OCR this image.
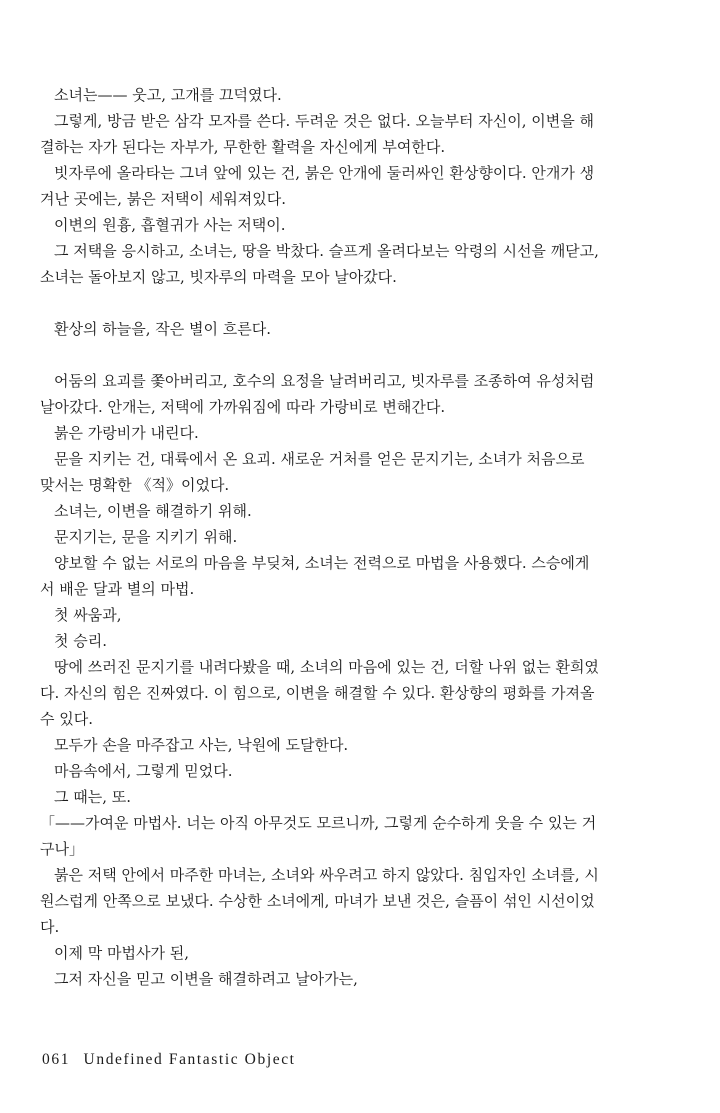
소녀는—— 웃고, 고개를 끄덕였다.
그렇게, 방금 받은 삼각 모자를 쓴다. 두려운 것은 없다. 오늘부터 자신이, 이변을 해
결하는 자가 된다는 자부가, 무한한 활력을 자신에게 부여한다.
빗자루에 올라타는 그녀 앞에 있는 건, 붉은 안개에 둘러싸인 환상향이다. 안개가 생
겨난 곳에는, 붉은 저택이 세워져있다.
이변의 원흉, 흡혈귀가 사는 저택이.
그 저택을 응시하고, 소녀는, 땅을 박찼다. 슬프게 올려다보는 악령의 시선을 깨닫고,
소녀는 돌아보지 않고, 빗자루의 마력을 모아 날아갔다.
환상의 하늘을, 작은 별이 흐른다.
어둠의 요괴를 쫓아버리고, 호수의 요정을 날려버리고, 빗자루를 조종하여 유성처럼
날아갔다. 안개는, 저택에 가까워짐에 따라 가랑비로 변해간다.
붉은 가랑비가 내린다.
문을 지키는 건, 대륙에서 온 요괴. 새로운 거처를 얻은 문지기는, 소녀가 처음으로
맞서는 명확한 《적》이었다.
소녀는, 이변을 해결하기 위해.
문지기는, 문을 지키기 위해.
양보할 수 없는 서로의 마음을 부딪쳐, 소녀는 전력으로 마법을 사용했다. 스승에게
서 배운 달과 별의 마법.
첫 싸움과,
첫 승리.
땅에 쓰러진 문지기를 내려다봤을 때, 소녀의 마음에 있는 건, 더할 나위 없는 환희였
다. 자신의 힘은 진짜였다. 이 힘으로, 이변을 해결할 수 있다. 환상향의 평화를 가져올
수 있다.
모두가 손을 마주잡고 사는, 낙원에 도달한다.
마음속에서, 그렇게 믿었다.
그 때는, 또.
「——가여운 마법사. 너는 아직 아무것도 모르니까, 그렇게 순수하게 웃을 수 있는 거
구나」
붉은 저택 안에서 마주한 마녀는, 소녀와 싸우려고 하지 않았다. 침입자인 소녀를, 시
원스럽게 안쪽으로 보냈다. 수상한 소녀에게, 마녀가 보낸 것은, 슬픔이 섞인 시선이었
다.
이제 막 마법사가 된,
그저 자신을 믿고 이변을 해결하려고 날아가는,
061 Undefined Fantastic Object
